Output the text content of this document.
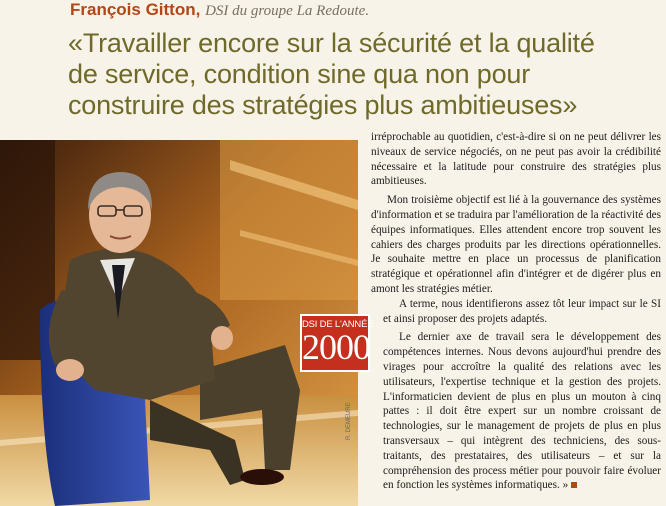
François Gitton, DSI du groupe La Redoute.
«Travailler encore sur la sécurité et la qualité
de service, condition sine qua non pour
construire des stratégies plus ambitieuses»
R. DEMEURE
DSI DE L'ANNÉE
2000

irréprochable au quotidien, c'est-à-dire si on ne peut délivrer les niveaux de service négociés, on ne peut pas avoir la crédibilité nécessaire et la latitude pour construire des stratégies plus ambitieuses.

Mon troisième objectif est lié à la gouvernance des systèmes d'information et se traduira par l'amélioration de la réactivité des équipes informatiques. Elles attendent encore trop souvent les cahiers des charges produits par les directions opérationnelles. Je souhaite mettre en place un processus de planification stratégique et opérationnel afin d'intégrer et de digérer plus en amont les stratégies métier.

A terme, nous identifierons assez tôt leur impact sur le SI et ainsi proposer des projets adaptés.

Le dernier axe de travail sera le développement des compétences internes. Nous devons aujourd'hui prendre des virages pour accroître la qualité des relations avec les utilisateurs, l'expertise technique et la gestion des projets. L'informaticien devient de plus en plus un mouton à cinq pattes : il doit être expert sur un nombre croissant de technologies, sur le management de projets de plus en plus transversaux – qui intègrent des techniciens, des sous-traitants, des prestataires, des utilisateurs – et sur la compréhension des process métier pour pouvoir faire évoluer en fonction les systèmes informatiques. »
